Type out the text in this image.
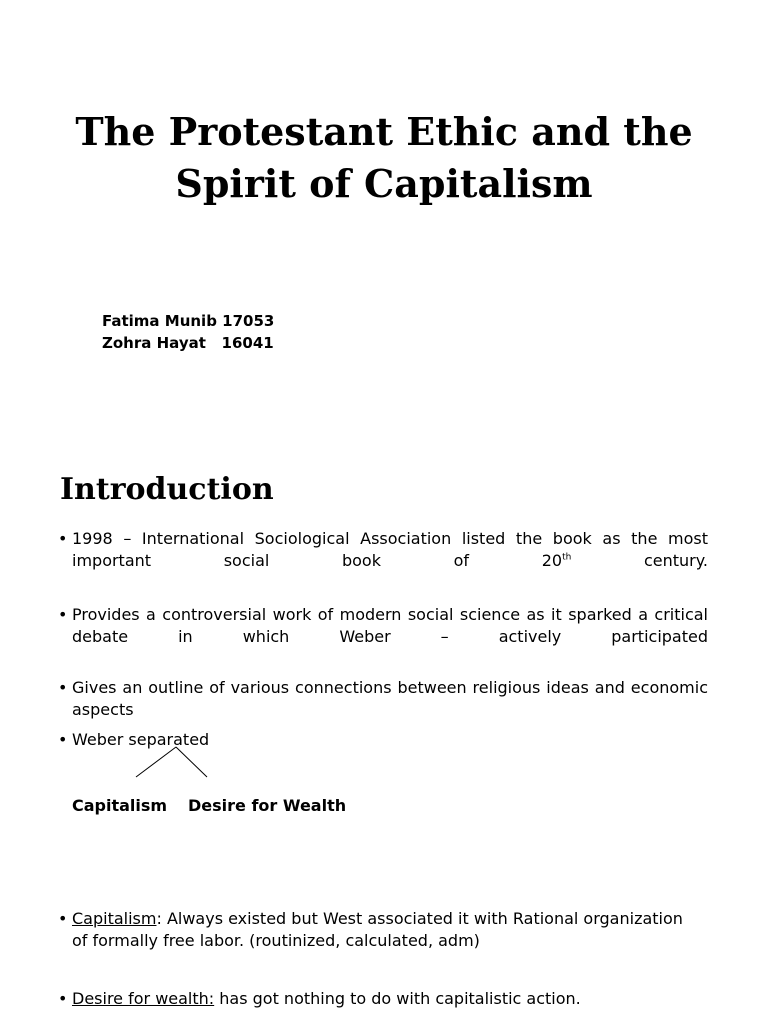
The Protestant Ethic and the
Spirit of Capitalism
Fatima Munib 17053
Zohra Hayat   16041
Introduction
• 1998 – International Sociological Association listed the book as the most important social book of 20th century.
• Provides a controversial work of modern social science as it sparked a critical debate in which Weber – actively participated
• Gives an outline of various connections between religious ideas and economic aspects
• Weber separated
Capitalism Desire for Wealth
• Capitalism: Always existed but West associated it with Rational organization of formally free labor. (routinized, calculated, adm)
• Desire for wealth: has got nothing to do with capitalistic action.
